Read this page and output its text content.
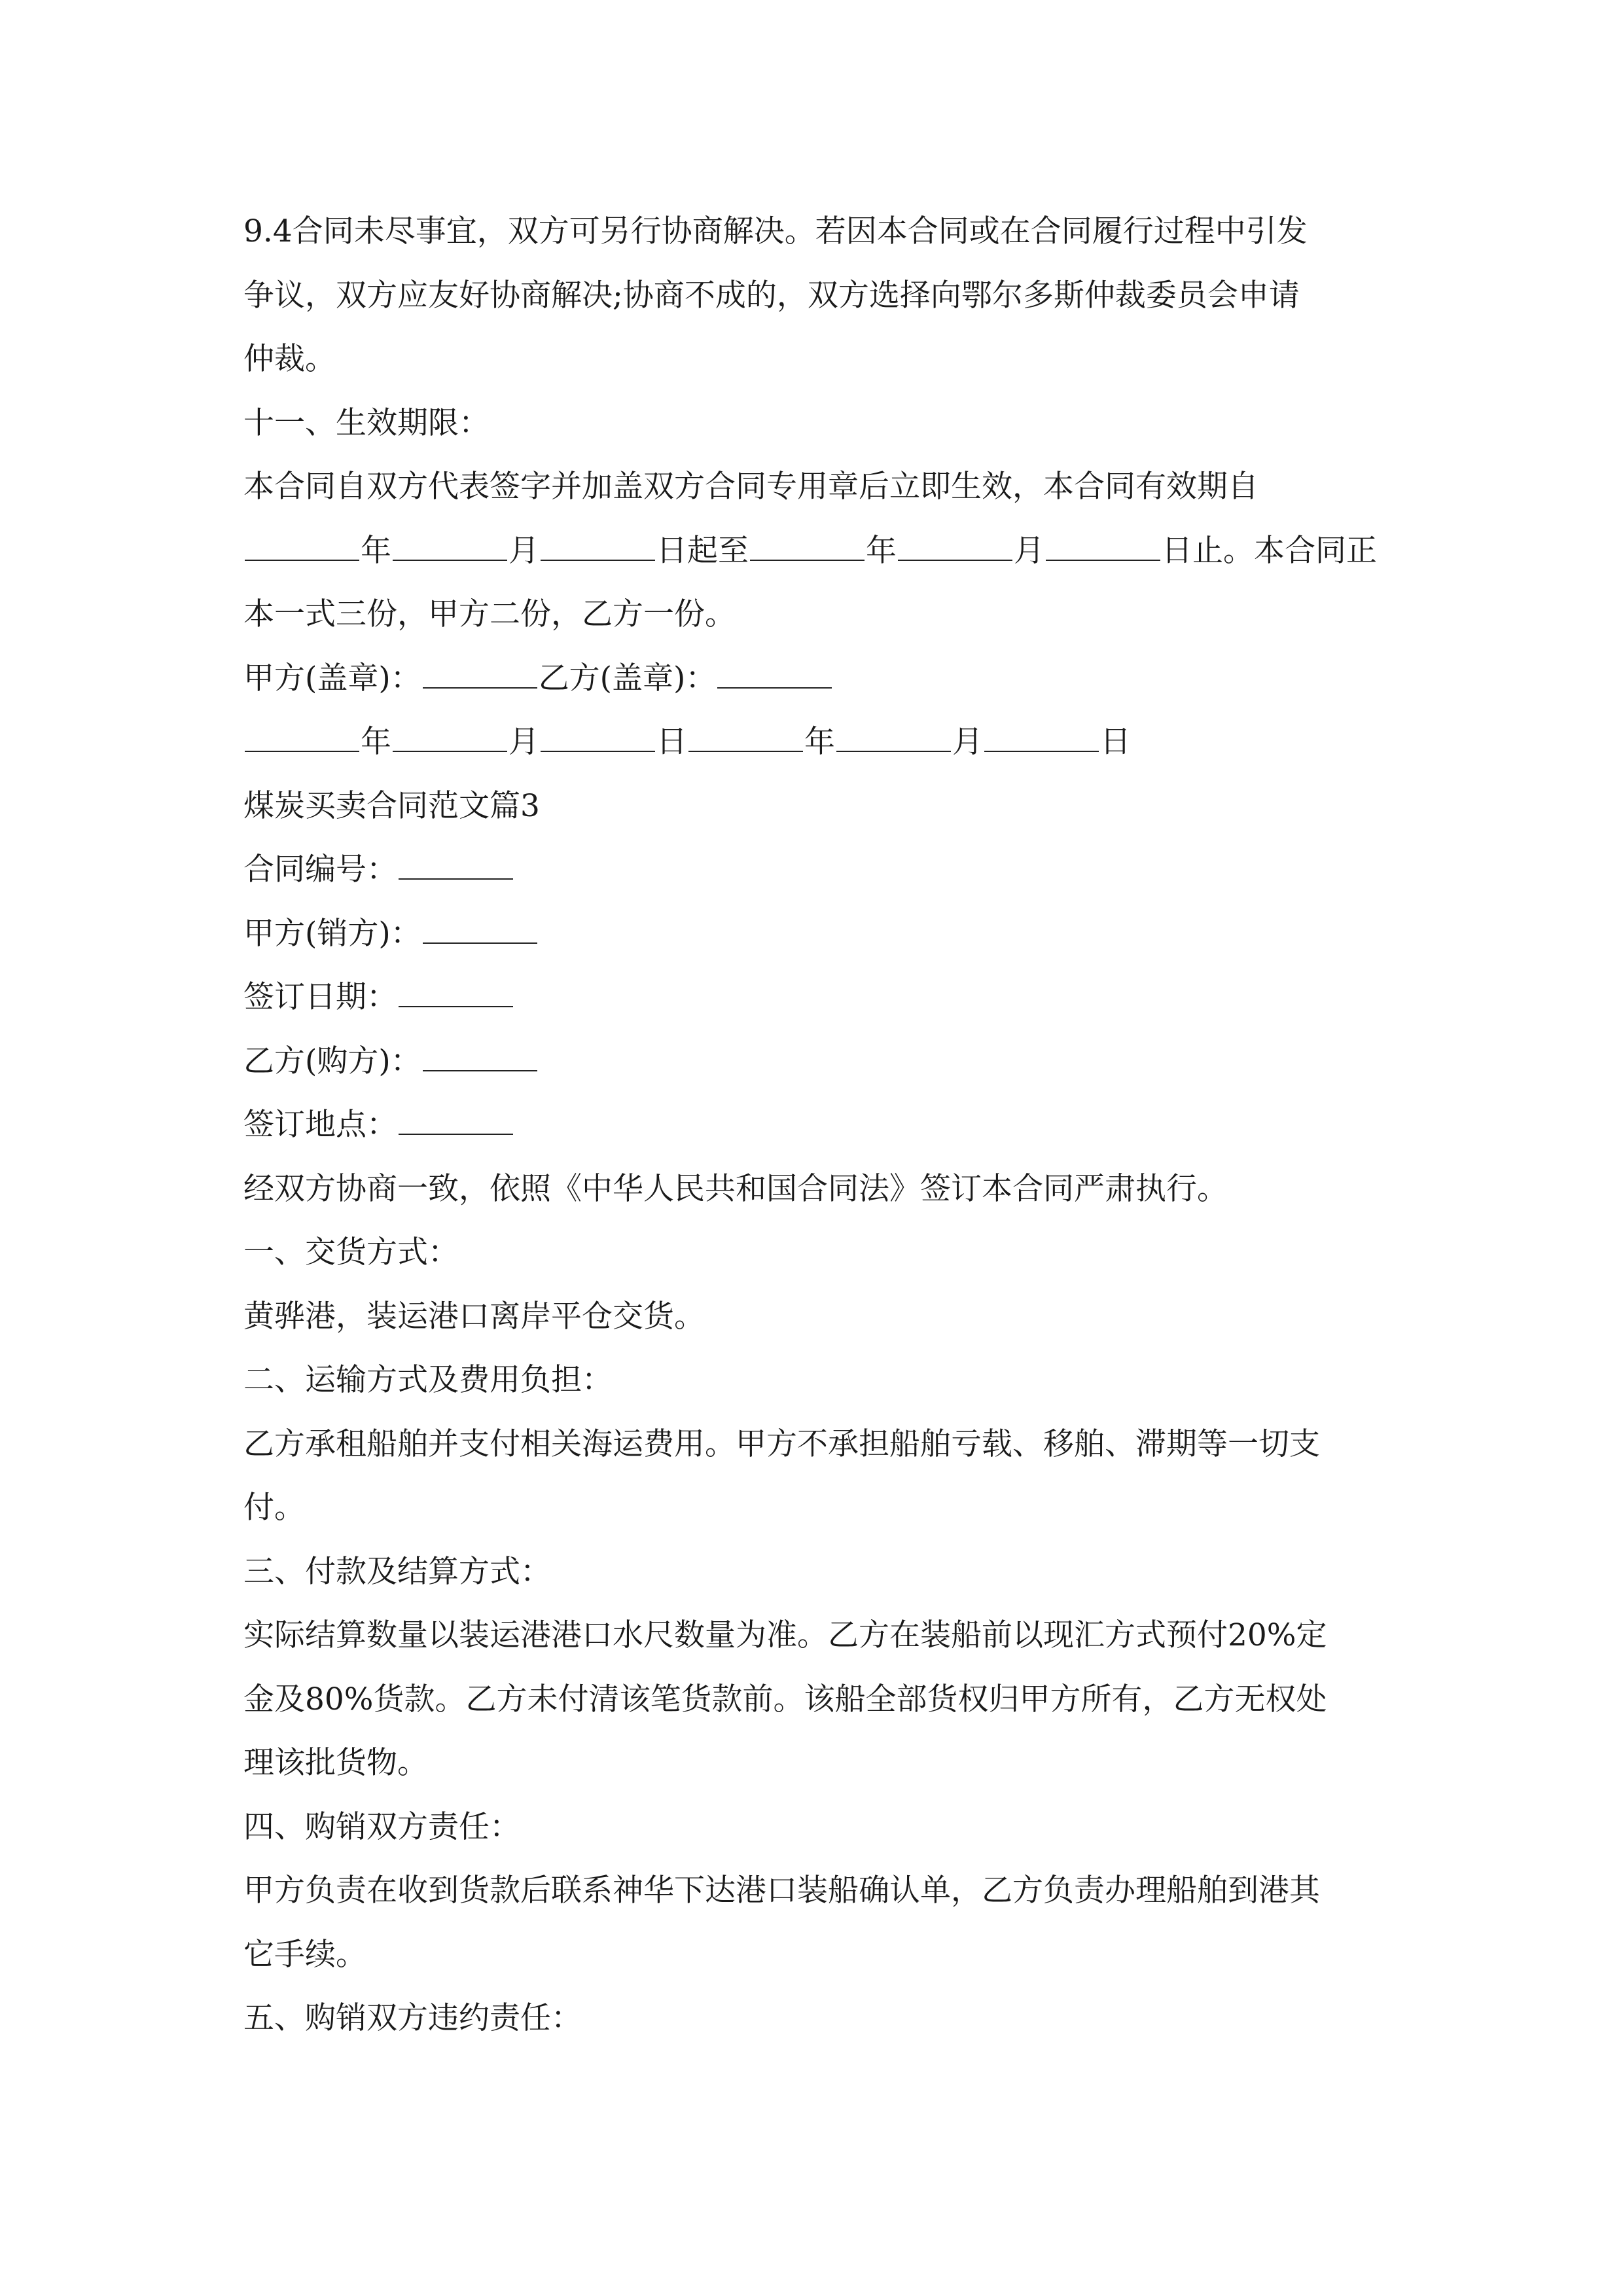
9.4合同未尽事宜，双方可另行协商解决。若因本合同或在合同履行过程中引发
争议，双方应友好协商解决;协商不成的，双方选择向鄂尔多斯仲裁委员会申请
仲裁。
十一、生效期限：
本合同自双方代表签字并加盖双方合同专用章后立即生效，本合同有效期自
年	月	日起至	年	月	日止。本合同正
本一式三份，甲方二份，乙方一份。
甲方(盖章)：	乙方(盖章)：
年	月	日	年	月	日
煤炭买卖合同范文篇3
合同编号：
甲方(销方)：
签订日期：
乙方(购方)：
签订地点：
经双方协商一致，依照《中华人民共和国合同法》签订本合同严肃执行。
一、交货方式：
黄骅港，装运港口离岸平仓交货。
二、运输方式及费用负担：
乙方承租船舶并支付相关海运费用。甲方不承担船舶亏载、移舶、滞期等一切支
付。
三、付款及结算方式：
实际结算数量以装运港港口水尺数量为准。乙方在装船前以现汇方式预付20%定
金及80%货款。乙方未付清该笔货款前。该船全部货权归甲方所有，乙方无权处
理该批货物。
四、购销双方责任：
甲方负责在收到货款后联系神华下达港口装船确认单，乙方负责办理船舶到港其
它手续。
五、购销双方违约责任：
